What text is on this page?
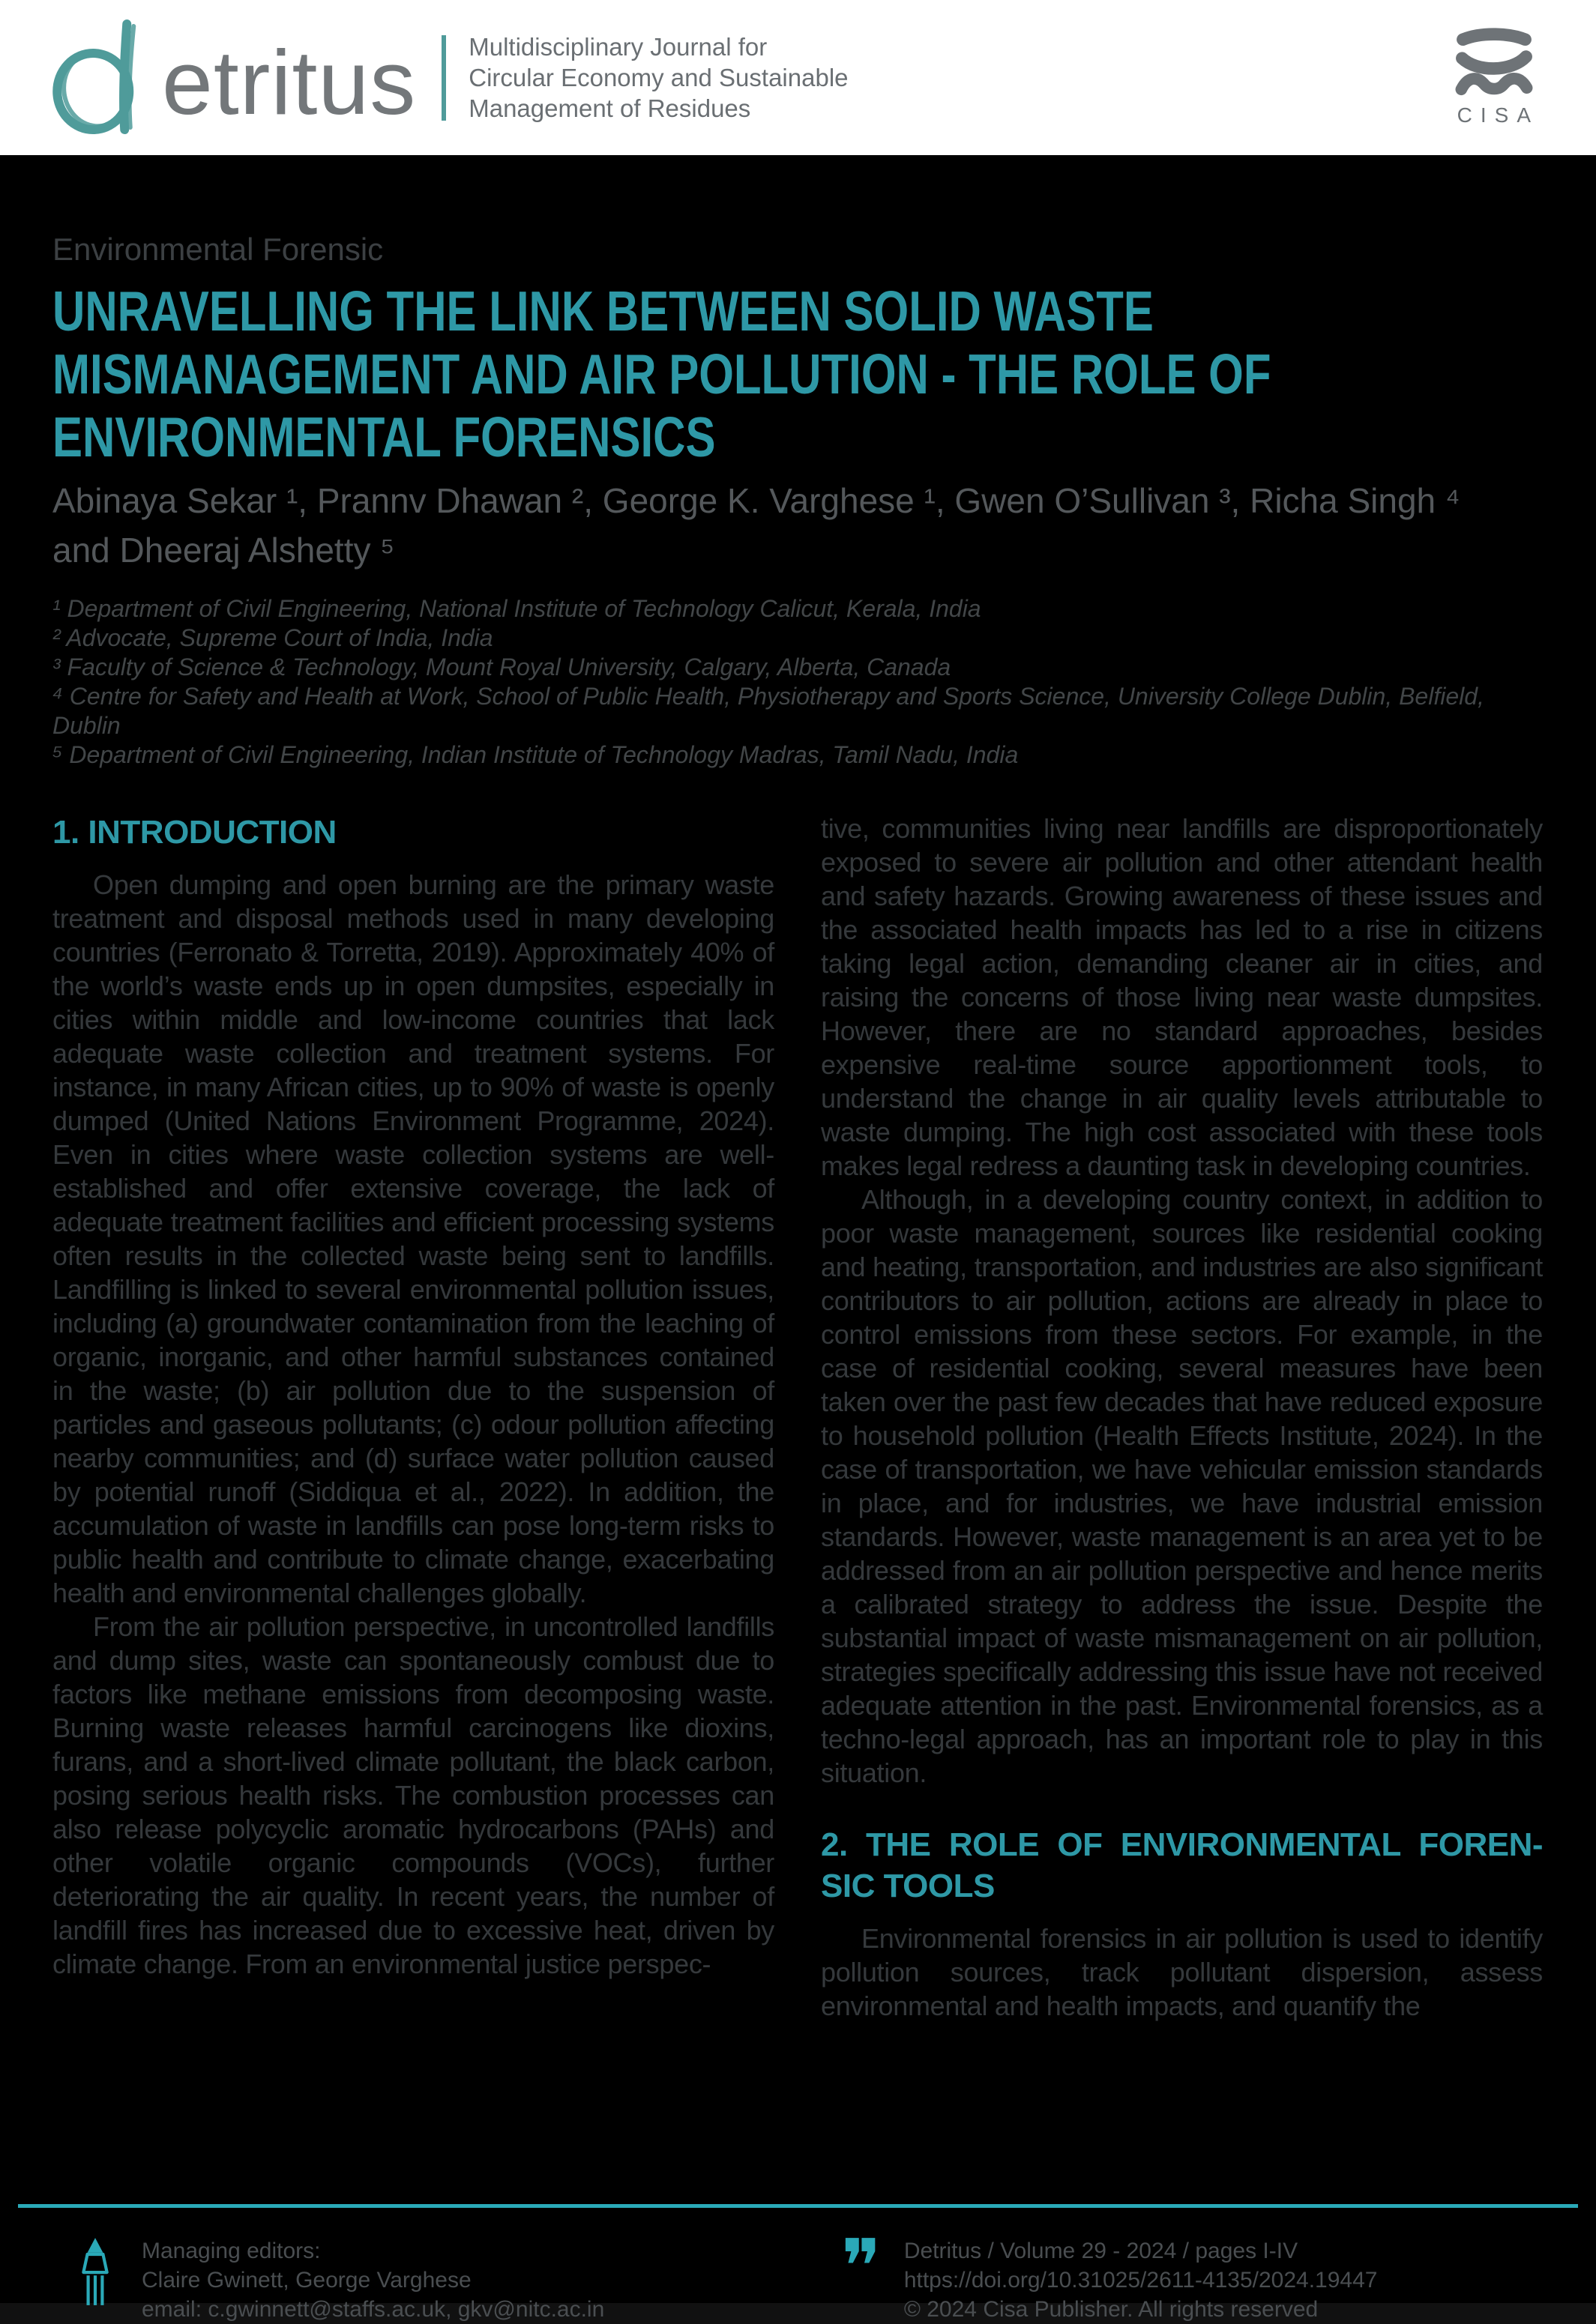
etritus Multidisciplinary Journal for
Circular Economy and Sustainable
Management of Residues	CISA
Environmental Forensic
UNRAVELLING THE LINK BETWEEN SOLID WASTE
MISMANAGEMENT AND AIR POLLUTION - THE ROLE OF
ENVIRONMENTAL FORENSICS
Abinaya Sekar ¹, Prannv Dhawan ², George K. Varghese ¹, Gwen O’Sullivan ³, Richa Singh ⁴
and Dheeraj Alshetty ⁵
¹ Department of Civil Engineering, National Institute of Technology Calicut, Kerala, India
² Advocate, Supreme Court of India, India
³ Faculty of Science & Technology, Mount Royal University, Calgary, Alberta, Canada
⁴ Centre for Safety and Health at Work, School of Public Health, Physiotherapy and Sports Science, University College Dublin, Belfield, Dublin
⁵ Department of Civil Engineering, Indian Institute of Technology Madras, Tamil Nadu, India
1. INTRODUCTION

Open dumping and open burning are the primary waste treatment and disposal methods used in many developing countries (Ferronato & Torretta, 2019). Approximately 40% of the world’s waste ends up in open dumpsites, especially in cities within middle and low-income countries that lack adequate waste collection and treatment systems. For instance, in many African cities, up to 90% of waste is openly dumped (United Nations Environment Programme, 2024). Even in cities where waste collection systems are well-established and offer extensive coverage, the lack of adequate treatment facilities and efficient processing systems often results in the collected waste being sent to landfills. Landfilling is linked to several environmental pollution issues, including (a) groundwater contamination from the leaching of organic, inorganic, and other harmful substances contained in the waste; (b) air pollution due to the suspension of particles and gaseous pollutants; (c) odour pollution affecting nearby communities; and (d) surface water pollution caused by potential runoff (Siddiqua et al., 2022). In addition, the accumulation of waste in landfills can pose long-term risks to public health and contribute to climate change, exacerbating health and environmental challenges globally.

From the air pollution perspective, in uncontrolled landfills and dump sites, waste can spontaneously combust due to factors like methane emissions from decomposing waste. Burning waste releases harmful carcinogens like dioxins, furans, and a short-lived climate pollutant, the black carbon, posing serious health risks. The combustion processes can also release polycyclic aromatic hydrocarbons (PAHs) and other volatile organic compounds (VOCs), further deteriorating the air quality. In recent years, the number of landfill fires has increased due to excessive heat, driven by climate change. From an environmental justice perspec-

tive, communities living near landfills are disproportionately exposed to severe air pollution and other attendant health and safety hazards. Growing awareness of these issues and the associated health impacts has led to a rise in citizens taking legal action, demanding cleaner air in cities, and raising the concerns of those living near waste dumpsites. However, there are no standard approaches, besides expensive real-time source apportionment tools, to understand the change in air quality levels attributable to waste dumping. The high cost associated with these tools makes legal redress a daunting task in developing countries.

Although, in a developing country context, in addition to poor waste management, sources like residential cooking and heating, transportation, and industries are also significant contributors to air pollution, actions are already in place to control emissions from these sectors. For example, in the case of residential cooking, several measures have been taken over the past few decades that have reduced exposure to household pollution (Health Effects Institute, 2024). In the case of transportation, we have vehicular emission standards in place, and for industries, we have industrial emission standards. However, waste management is an area yet to be addressed from an air pollution perspective and hence merits a calibrated strategy to address the issue. Despite the substantial impact of waste mismanagement on air pollution, strategies specifically addressing this issue have not received adequate attention in the past. Environmental forensics, as a techno-legal approach, has an important role to play in this situation.

2. THE ROLE OF ENVIRONMENTAL FOREN-
SIC TOOLS

Environmental forensics in air pollution is used to identify pollution sources, track pollutant dispersion, assess environmental and health impacts, and quantify the

Managing editors:
Claire Gwinett, George Varghese
email: c.gwinnett@staffs.ac.uk, gkv@nitc.ac.in
❞ Detritus / Volume 29 - 2024 / pages I-IV
https://doi.org/10.31025/2611-4135/2024.19447
© 2024 Cisa Publisher. All rights reserved
